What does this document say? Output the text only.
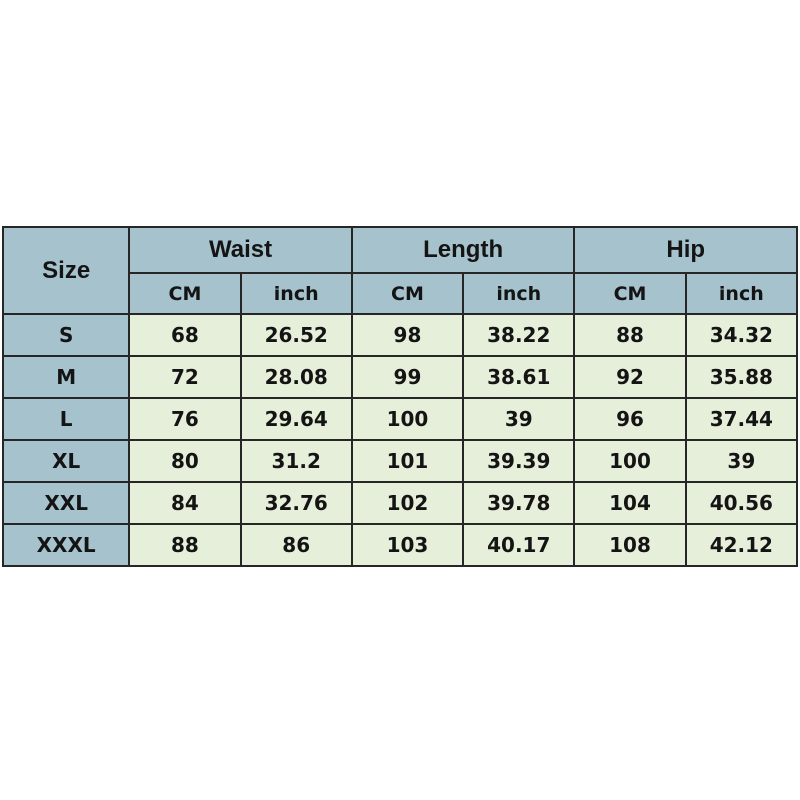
Size	Waist		Length		Hip	
	CM	inch	CM	inch	CM	inch
S	68	26.52	98	38.22	88	34.32
M	72	28.08	99	38.61	92	35.88
L	76	29.64	100	39	96	37.44
XL	80	31.2	101	39.39	100	39
XXL	84	32.76	102	39.78	104	40.56
XXXL	88	86	103	40.17	108	42.12
